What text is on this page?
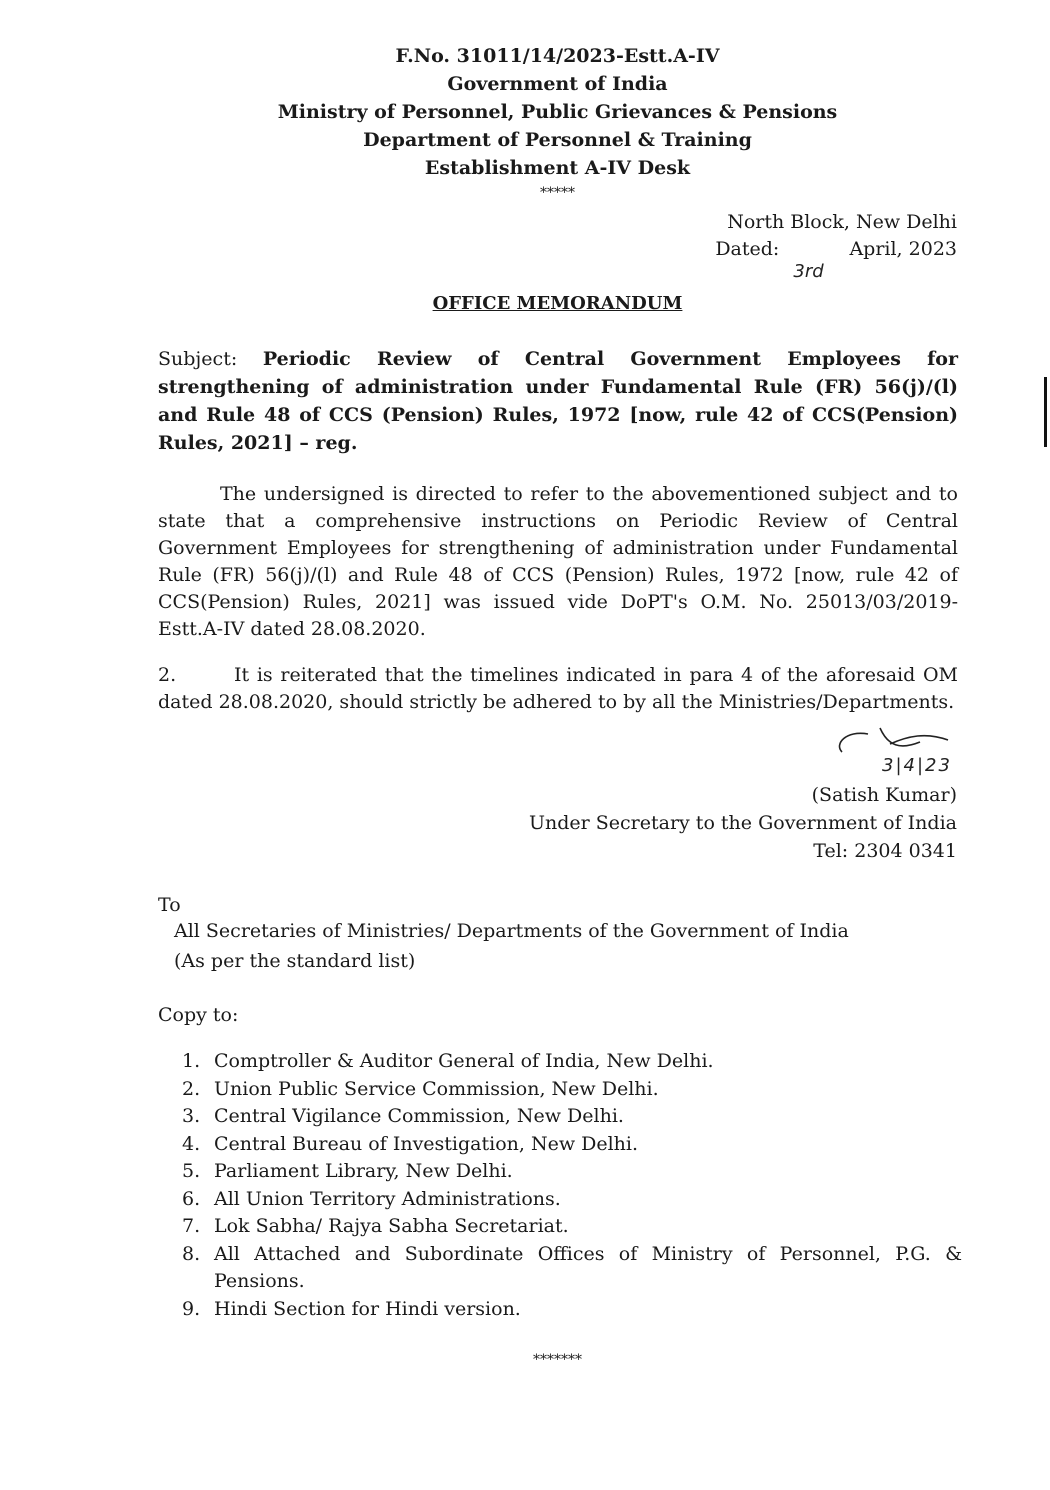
F.No. 31011/14/2023-Estt.A-IV
Government of India
Ministry of Personnel, Public Grievances & Pensions
Department of Personnel & Training
Establishment A-IV Desk
*****
North Block, New Delhi
Dated:
3rd
April, 2023
OFFICE MEMORANDUM
Subject: Periodic Review of Central Government Employees for strengthening of administration under Fundamental Rule (FR) 56(j)/(l) and Rule 48 of CCS (Pension) Rules, 1972 [now, rule 42 of CCS(Pension) Rules, 2021] – reg.
The undersigned is directed to refer to the abovementioned subject and to state that a comprehensive instructions on Periodic Review of Central Government Employees for strengthening of administration under Fundamental Rule (FR) 56(j)/(l) and Rule 48 of CCS (Pension) Rules, 1972 [now, rule 42 of CCS(Pension) Rules, 2021] was issued vide DoPT's O.M. No. 25013/03/2019-Estt.A-IV dated 28.08.2020.
2.	It is reiterated that the timelines indicated in para 4 of the aforesaid OM dated 28.08.2020, should strictly be adhered to by all the Ministries/Departments.
3|4|23
(Satish Kumar)
Under Secretary to the Government of India
Tel: 2304 0341
To
All Secretaries of Ministries/ Departments of the Government of India
(As per the standard list)
Copy to:
1. Comptroller & Auditor General of India, New Delhi.
2. Union Public Service Commission, New Delhi.
3. Central Vigilance Commission, New Delhi.
4. Central Bureau of Investigation, New Delhi.
5. Parliament Library, New Delhi.
6. All Union Territory Administrations.
7. Lok Sabha/ Rajya Sabha Secretariat.
8. All Attached and Subordinate Offices of Ministry of Personnel, P.G. & Pensions.
9. Hindi Section for Hindi version.
*******
